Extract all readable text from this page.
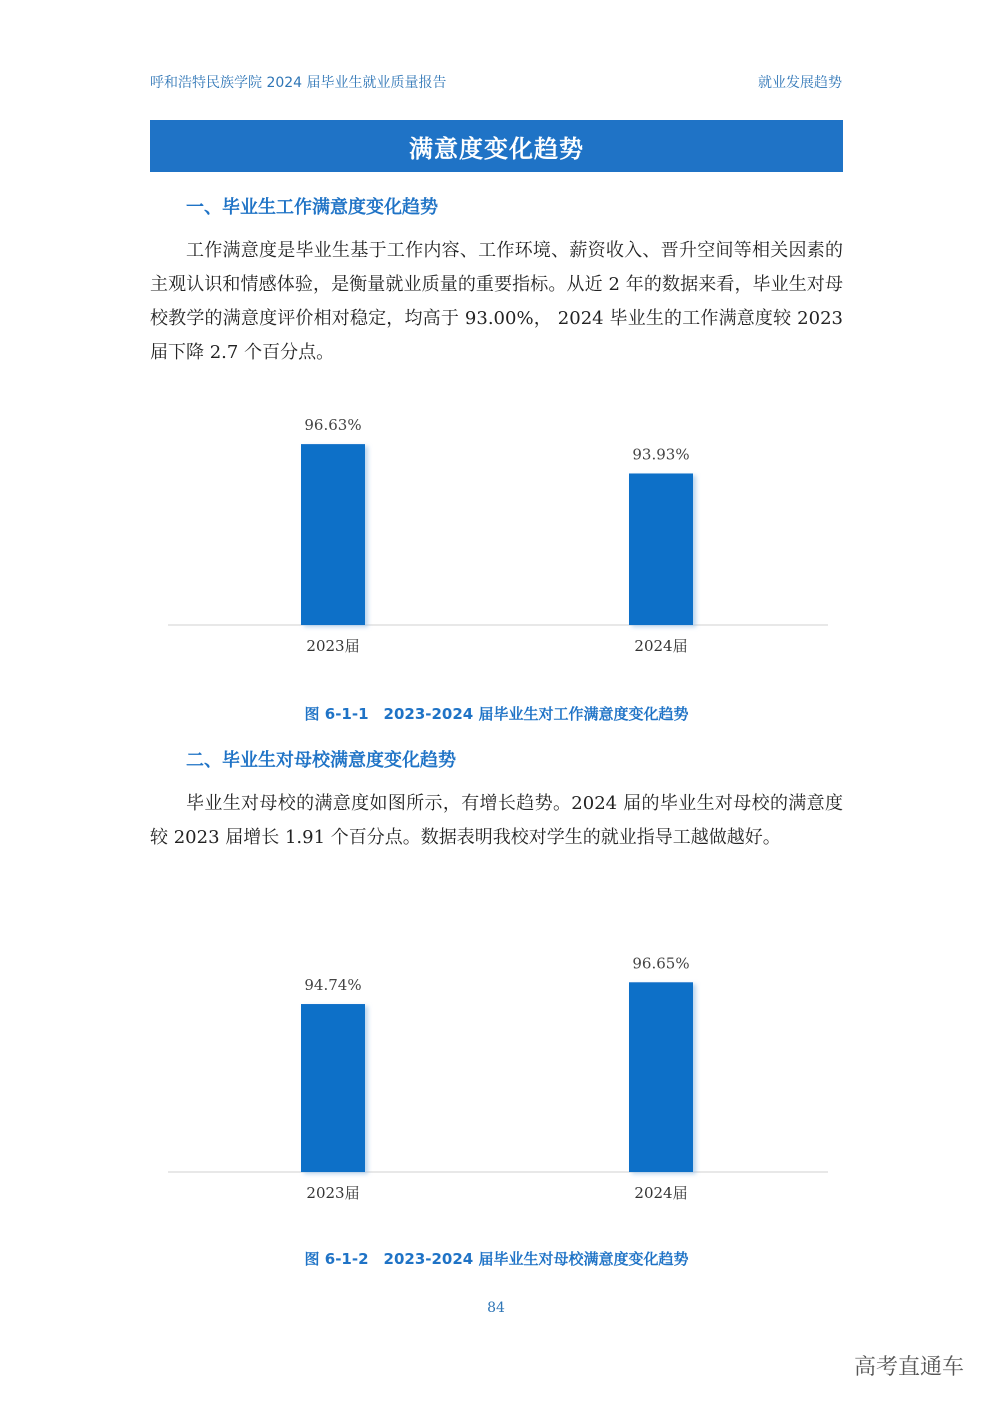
呼和浩特民族学院 2024 届毕业生就业质量报告	就业发展趋势
满意度变化趋势
一、毕业生工作满意度变化趋势

工作满意度是毕业生基于工作内容、工作环境、薪资收入、晋升空间等相关因素的主观认识和情感体验，是衡量就业质量的重要指标。从近 2 年的数据来看，毕业生对母校教学的满意度评价相对稳定，均高于 93.00%， 2024 毕业生的工作满意度较 2023 届下降 2.7 个百分点。

96.63%
2023届
93.93%
2024届
图 6-1-1　2023-2024 届毕业生对工作满意度变化趋势
二、毕业生对母校满意度变化趋势

毕业生对母校的满意度如图所示，有增长趋势。2024 届的毕业生对母校的满意度较 2023 届增长 1.91 个百分点。数据表明我校对学生的就业指导工越做越好。

94.74%
2023届
96.65%
2024届
图 6-1-2　2023-2024 届毕业生对母校满意度变化趋势
84
高考直通车
